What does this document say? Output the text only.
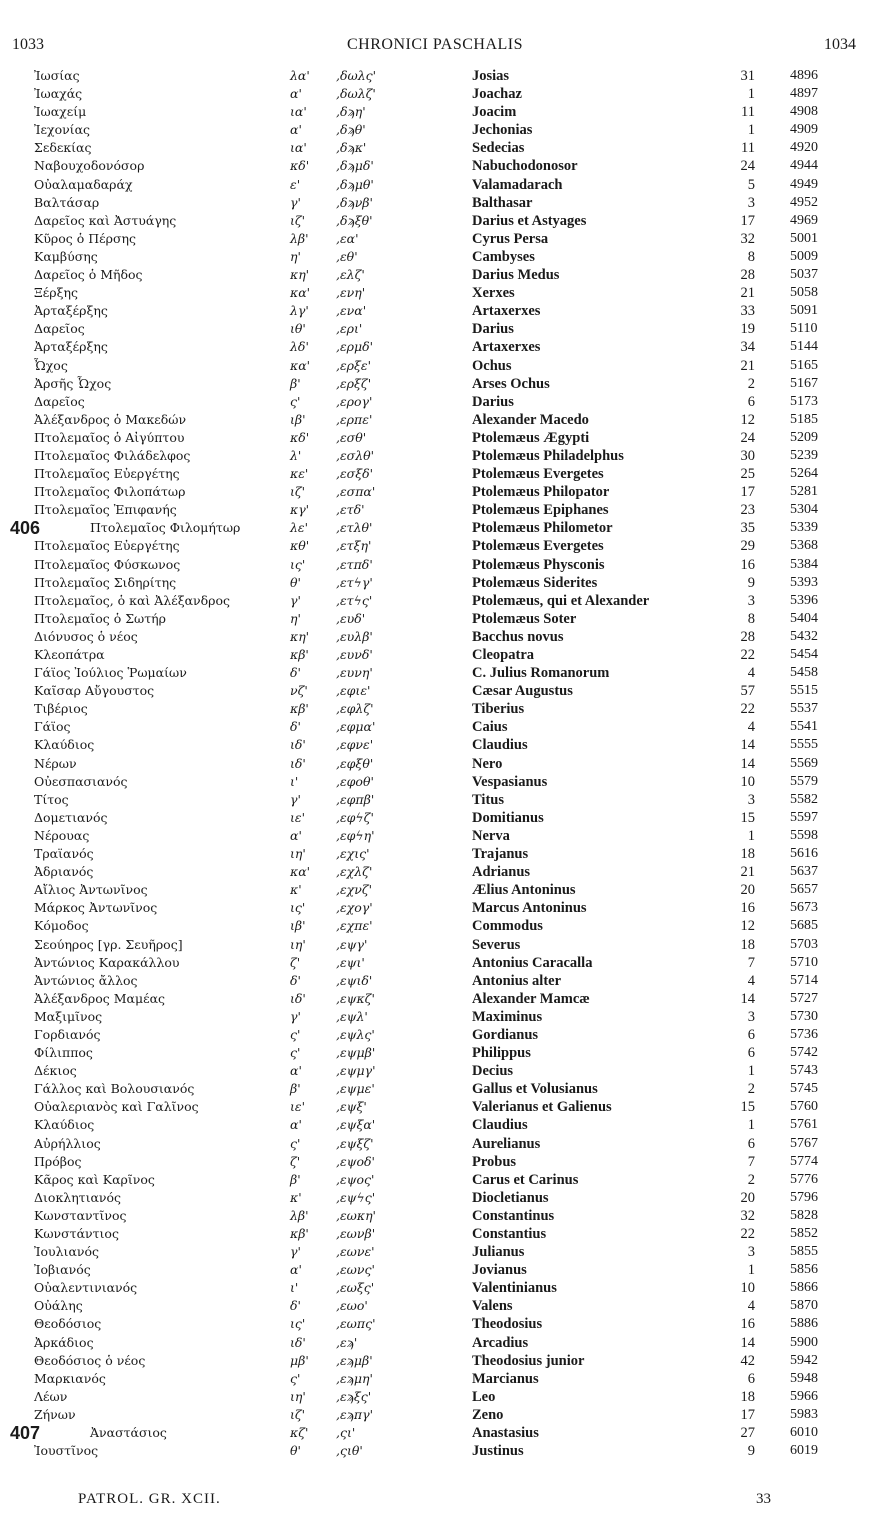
1033	CHRONICI PASCHALIS	1034
Ἰωσίας	λα' ,δωλς'	Josias	31	4896
Ἰωαχάς	α'	,δωλζ'	Joachaz	1	4897
Ἰωαχείμ	ια' ,δϡη'	Joacim	11	4908
Ἰεχονίας	α'	,δϡθ'	Jechonias	1	4909
Σεδεκίας	ια' ,δϡκ'	Sedecias	11	4920
Ναβουχοδονόσορ	κδ' ,δϡμδ'	Nabuchodonosor	24	4944
Οὐαλαμαδαράχ	ε'	,δϡμθ'	Valamadarach	5	4949
Βαλτάσαρ	γ'	,δϡνβ'	Balthasar	3	4952
Δαρεῖος καὶ Ἀστυάγης	ιζ' ,δϡξθ'	Darius et Astyages	17	4969
Κῦρος ὁ Πέρσης	λβ' ,εα'	Cyrus Persa	32	5001
Καμβύσης	η'	,εθ'	Cambyses	8	5009
Δαρεῖος ὁ Μῆδος	κη' ,ελζ'	Darius Medus	28	5037
Ξέρξης	κα' ,ενη'	Xerxes	21	5058
Ἀρταξέρξης	λγ' ,ενα'	Artaxerxes	33	5091
Δαρεῖος	ιθ' ,ερι'	Darius	19	5110
Ἀρταξέρξης	λδ' ,ερμδ'	Artaxerxes	34	5144
Ὦχος	κα' ,ερξε'	Ochus	21	5165
Ἀρσῆς Ὦχος	β'	,ερξζ'	Arses Ochus	2	5167
Δαρεῖος	ς'	,ερογ'	Darius	6	5173
Ἀλέξανδρος ὁ Μακεδών	ιβ' ,ερπε'	Alexander Macedo	12	5185
Πτολεμαῖος ὁ Αἰγύπτου	κδ' ,εσθ'	Ptolemæus Ægypti	24	5209
Πτολεμαῖος Φιλάδελφος	λ'	,εσλθ'	Ptolemæus Philadelphus	30	5239
Πτολεμαῖος Εὐεργέτης	κε' ,εσξδ'	Ptolemæus Evergetes	25	5264
Πτολεμαῖος Φιλοπάτωρ	ιζ' ,εσπα'	Ptolemæus Philopator	17	5281
Πτολεμαῖος Ἐπιφανής	κγ' ,ετδ'	Ptolemæus Epiphanes	23	5304
406	Πτολεμαῖος Φιλομήτωρ	λε' ,ετλθ'	Ptolemæus Philometor	35	5339
Πτολεμαῖος Εὐεργέτης	κθ' ,ετξη'	Ptolemæus Evergetes	29	5368
Πτολεμαῖος Φύσκωνος	ις' ,ετπδ'	Ptolemæus Physconis	16	5384
Πτολεμαῖος Σιδηρίτης	θ'	,ετϟγ'	Ptolemæus Siderites	9	5393
Πτολεμαῖος, ὁ καὶ Ἀλέξανδρος	γ'	,ετϟς'	Ptolemæus, qui et Alexander	3	5396
Πτολεμαῖος ὁ Σωτήρ	η'	,ευδ'	Ptolemæus Soter	8	5404
Διόνυσος ὁ νέος	κη' ,ευλβ'	Bacchus novus	28	5432
Κλεοπάτρα	κβ' ,ευνδ'	Cleopatra	22	5454
Γάϊος Ἰούλιος Ῥωμαίων	δ'	,ευνη'	C. Julius Romanorum	4	5458
Καῖσαρ Αὔγουστος	νζ' ,εφιε'	Cæsar Augustus	57	5515
Τιβέριος	κβ' ,εφλζ'	Tiberius	22	5537
Γάϊος	δ'	,εφμα'	Caius	4	5541
Κλαύδιος	ιδ' ,εφνε'	Claudius	14	5555
Νέρων	ιδ' ,εφξθ'	Nero	14	5569
Οὐεσπασιανός	ι'	,εφοθ'	Vespasianus	10	5579
Τίτος	γ'	,εφπβ'	Titus	3	5582
Δομετιανός	ιε' ,εφϟζ'	Domitianus	15	5597
Νέρουας	α'	,εφϟη'	Nerva	1	5598
Τραϊανός	ιη' ,εχις'	Trajanus	18	5616
Ἀδριανός	κα' ,εχλζ'	Adrianus	21	5637
Αἴλιος Ἀντωνῖνος	κ'	,εχνζ'	Ælius Antoninus	20	5657
Μάρκος Ἀντωνῖνος	ις' ,εχογ'	Marcus Antoninus	16	5673
Κόμοδος	ιβ' ,εχπε'	Commodus	12	5685
Σεούηρος [γρ. Σευῆρος]	ιη' ,εψγ'	Severus	18	5703
Ἀντώνιος Καρακάλλου	ζ'	,εψι'	Antonius Caracalla	7	5710
Ἀντώνιος ἄλλος	δ'	,εψιδ'	Antonius alter	4	5714
Ἀλέξανδρος Μαμέας	ιδ' ,εψκζ'	Alexander Mamcæ	14	5727
Μαξιμῖνος	γ'	,εψλ'	Maximinus	3	5730
Γορδιανός	ς'	,εψλς'	Gordianus	6	5736
Φίλιππος	ς'	,εψμβ'	Philippus	6	5742
Δέκιος	α'	,εψμγ'	Decius	1	5743
Γάλλος καὶ Βολουσιανός	β'	,εψμε'	Gallus et Volusianus	2	5745
Οὐαλεριανὸς καὶ Γαλῖνος	ιε' ,εψξ'	Valerianus et Galienus	15	5760
Κλαύδιος	α'	,εψξα'	Claudius	1	5761
Αὐρήλλιος	ς'	,εψξζ'	Aurelianus	6	5767
Πρόβος	ζ'	,εψοδ'	Probus	7	5774
Κᾶρος καὶ Καρῖνος	β'	,εψος'	Carus et Carinus	2	5776
Διοκλητιανός	κ'	,εψϟς'	Diocletianus	20	5796
Κωνσταντῖνος	λβ' ,εωκη'	Constantinus	32	5828
Κωνστάντιος	κβ' ,εωνβ'	Constantius	22	5852
Ἰουλιανός	γ'	,εωνε'	Julianus	3	5855
Ἰοβιανός	α'	,εωνς'	Jovianus	1	5856
Οὐαλεντινιανός	ι'	,εωξς'	Valentinianus	10	5866
Οὐάλης	δ'	,εωο'	Valens	4	5870
Θεοδόσιος	ις' ,εωπς'	Theodosius	16	5886
Ἀρκάδιος	ιδ' ,εϡ'	Arcadius	14	5900
Θεοδόσιος ὁ νέος	μβ' ,εϡμβ'	Theodosius junior	42	5942
Μαρκιανός	ς'	,εϡμη'	Marcianus	6	5948
Λέων	ιη' ,εϡξς'	Leo	18	5966
Ζήνων	ιζ' ,εϡπγ'	Zeno	17	5983
407	Ἀναστάσιος	κζ' ,ςι'	Anastasius	27	6010
Ἰουστῖνος	θ'	,ςιθ'	Justinus	9	6019
PATROL. GR. XCII.	33
